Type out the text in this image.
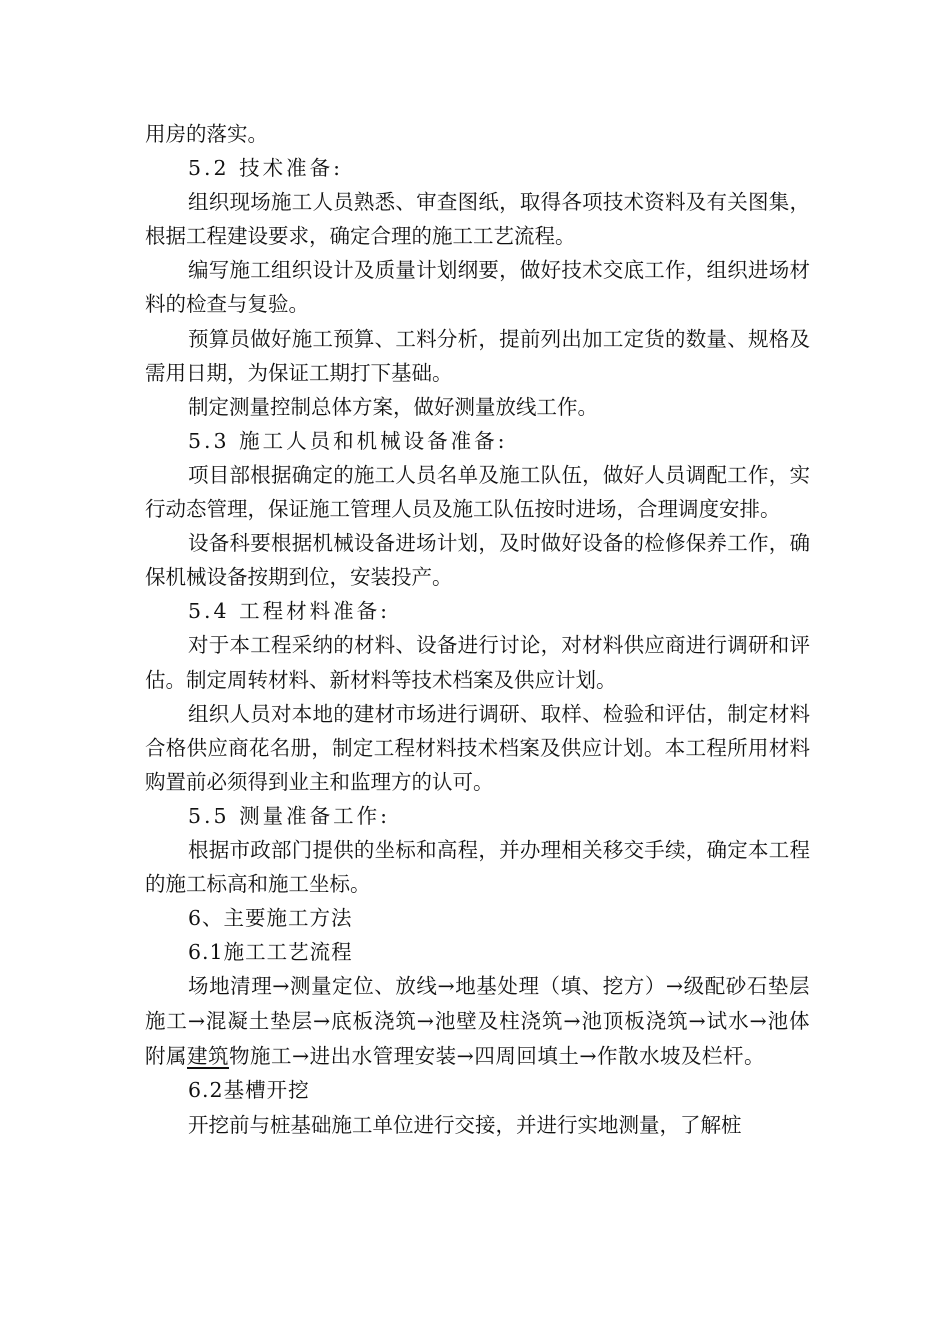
用房的落实。

5.2 技术准备:

组织现场施工人员熟悉、审查图纸，取得各项技术资料及有关图集，根据工程建设要求，确定合理的施工工艺流程。

编写施工组织设计及质量计划纲要，做好技术交底工作，组织进场材料的检查与复验。

预算员做好施工预算、工料分析，提前列出加工定货的数量、规格及需用日期，为保证工期打下基础。

制定测量控制总体方案，做好测量放线工作。

5.3 施工人员和机械设备准备:

项目部根据确定的施工人员名单及施工队伍，做好人员调配工作，实行动态管理，保证施工管理人员及施工队伍按时进场，合理调度安排。

设备科要根据机械设备进场计划，及时做好设备的检修保养工作，确保机械设备按期到位，安装投产。

5.4 工程材料准备:

对于本工程采纳的材料、设备进行讨论，对材料供应商进行调研和评估。制定周转材料、新材料等技术档案及供应计划。

组织人员对本地的建材市场进行调研、取样、检验和评估，制定材料合格供应商花名册，制定工程材料技术档案及供应计划。本工程所用材料购置前必须得到业主和监理方的认可。

5.5 测量准备工作:

根据市政部门提供的坐标和高程，并办理相关移交手续，确定本工程的施工标高和施工坐标。

6、主要施工方法

6.1施工工艺流程

场地清理→测量定位、放线→地基处理（填、挖方）→级配砂石垫层施工→混凝土垫层→底板浇筑→池壁及柱浇筑→池顶板浇筑→试水→池体附属建筑物施工→进出水管理安装→四周回填土→作散水坡及栏杆。

6.2基槽开挖

开挖前与桩基础施工单位进行交接，并进行实地测量，了解桩
